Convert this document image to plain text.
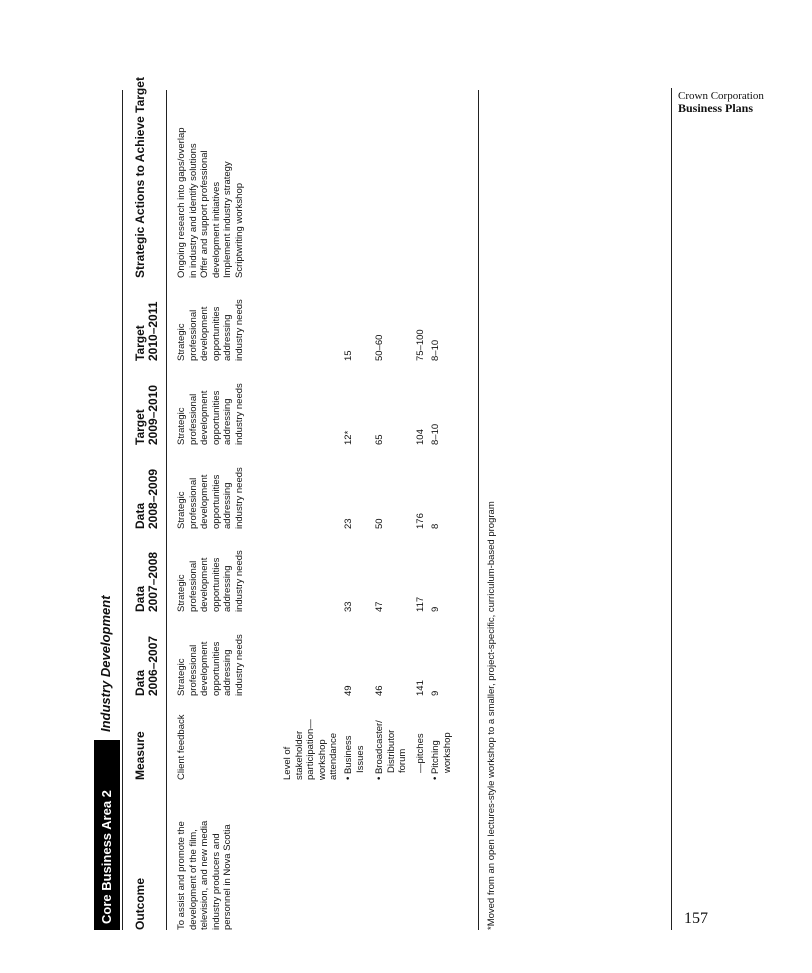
Crown Corporation
Business Plans
157
Core Business Area 2
Industry Development
Outcome
Measure
Data 2006–2007
Data 2007–2008
Data 2008–2009
Target 2009–2010
Target 2010–2011
Strategic Actions to Achieve Target
To assist and promote the development of the film, television, and new media industry producers and personnel in Nova Scotia
Client feedback
Strategic professional development opportunities addressing industry needs
Strategic professional development opportunities addressing industry needs
Strategic professional development opportunities addressing industry needs
Strategic professional development opportunities addressing industry needs
Strategic professional development opportunities addressing industry needs
Ongoing research into gaps/overlap in industry and identify solutions Offer and support professional development initiatives Implement industry strategy Scriptwriting workshop
Level of stakeholder participation— workshop attendance • Business Issues
49
33
23
12*
15
• Broadcaster/ Distributor forum
46
47
50
65
50–60
—pitches
141
117
176
104
75–100
• Pitching workshop
9
9
8
8–10
8–10
*Moved from an open lectures-style workshop to a smaller, project-specific, curriculum-based program
